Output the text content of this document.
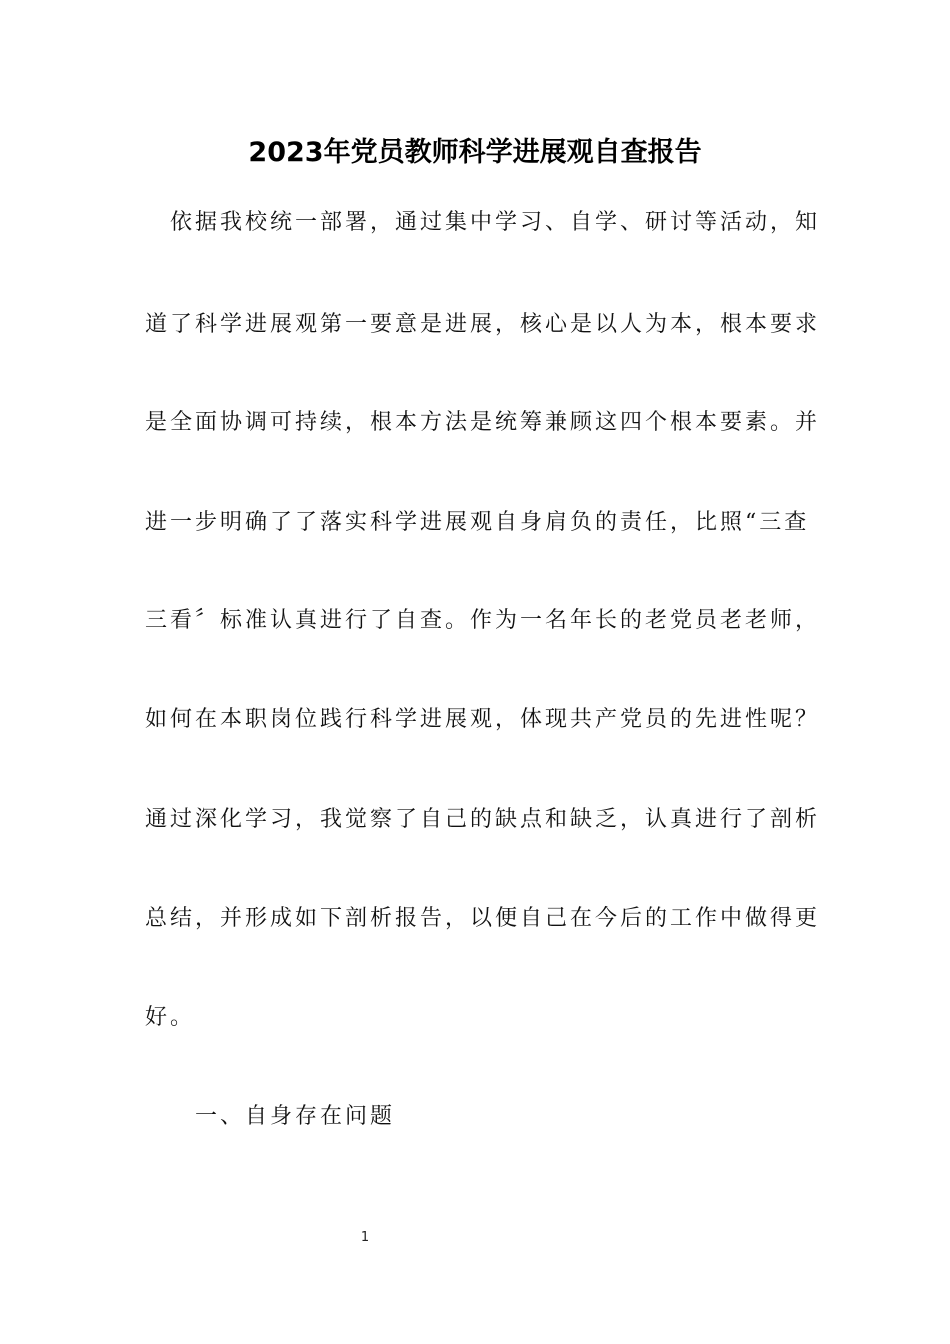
2023年党员教师科学进展观自查报告
　依据我校统一部署，通过集中学习、自学、研讨等活动，知
道了科学进展观第一要意是进展，核心是以人为本，根本要求
是全面协调可持续，根本方法是统筹兼顾这四个根本要素。并
进一步明确了了落实科学进展观自身肩负的责任，比照“三查
三看〞标准认真进行了自查。作为一名年长的老党员老老师，
如何在本职岗位践行科学进展观，体现共产党员的先进性呢？
通过深化学习，我觉察了自己的缺点和缺乏，认真进行了剖析
总结，并形成如下剖析报告，以便自己在今后的工作中做得更
好。
一、自身存在问题
1
